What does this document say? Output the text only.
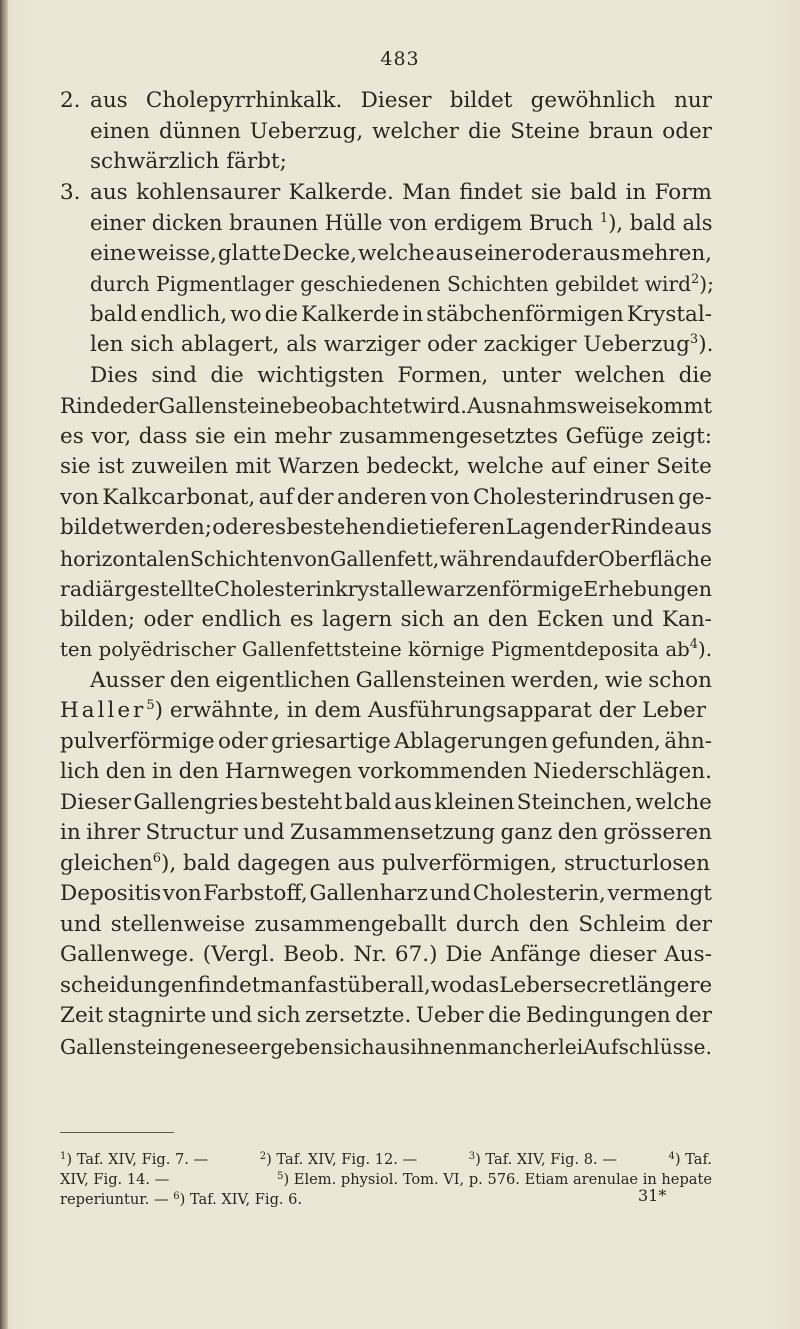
483
2. aus Cholepyrrhinkalk. Dieser bildet gewöhnlich nur
einen dünnen Ueberzug, welcher die Steine braun oder
schwärzlich färbt;
3. aus kohlensaurer Kalkerde. Man findet sie bald in Form
einer dicken braunen Hülle von erdigem Bruch $^1$), bald als
eine weisse, glatte Decke, welche aus einer oder aus mehren,
durch Pigmentlager geschiedenen Schichten gebildet wird$^2$);
bald endlich, wo die Kalkerde in stäbchenförmigen Krystal-
len sich ablagert, als warziger oder zackiger Ueberzug$^3$).
Dies sind die wichtigsten Formen, unter welchen die
Rinde der Gallensteine beobachtet wird. Ausnahmsweise kommt
es vor, dass sie ein mehr zusammengesetztes Gefüge zeigt:
sie ist zuweilen mit Warzen bedeckt, welche auf einer Seite
von Kalkcarbonat, auf der anderen von Cholesterindrusen ge-
bildet werden; oder es bestehen die tieferen Lagen der Rinde aus
horizontalen Schichten von Gallenfett, während auf der Oberfläche
radiär gestellte Cholesterinkrystalle warzenförmige Erhebungen
bilden; oder endlich es lagern sich an den Ecken und Kan-
ten polyëdrischer Gallenfettsteine körnige Pigmentdeposita $ab^4$).
Ausser den eigentlichen Gallensteinen werden, wie schon
Haller$^5$) erwähnte, in dem Ausführungsapparat der Leber
pulverförmige oder griesartige Ablagerungen gefunden, ähn-
lich den in den Harnwegen vorkommenden Niederschlägen.
Dieser Gallengries besteht bald aus kleinen Steinchen, welche
in ihrer Structur und Zusammensetzung ganz den grösseren
gleichen$^6$), bald dagegen aus pulverförmigen, structurlosen
Depositis von Farbstoff, Gallenharz und Cholesterin, vermengt
und stellenweise zusammengeballt durch den Schleim der
Gallenwege. (Vergl. Beob. Nr. 67.) Die Anfänge dieser Aus-
scheidungen findet man fast überall, wo das Lebersecret längere
Zeit stagnirte und sich zersetzte. Ueber die Bedingungen der
Gallensteingenese ergeben sich aus ihnen mancherlei Aufschlüsse.
$^1$) Taf. XIV, Fig. 7. —	$^2$) Taf. XIV, Fig. 12. —	$^3$) Taf. XIV, Fig. 8. —	$^4$) Taf.
XIV, Fig. 14. —	$^5$) Elem. physiol. Tom. VI, p. 576. Etiam arenulae in hepate
reperiuntur. —
$^6$) Taf. XIV, Fig. 6.	31*
